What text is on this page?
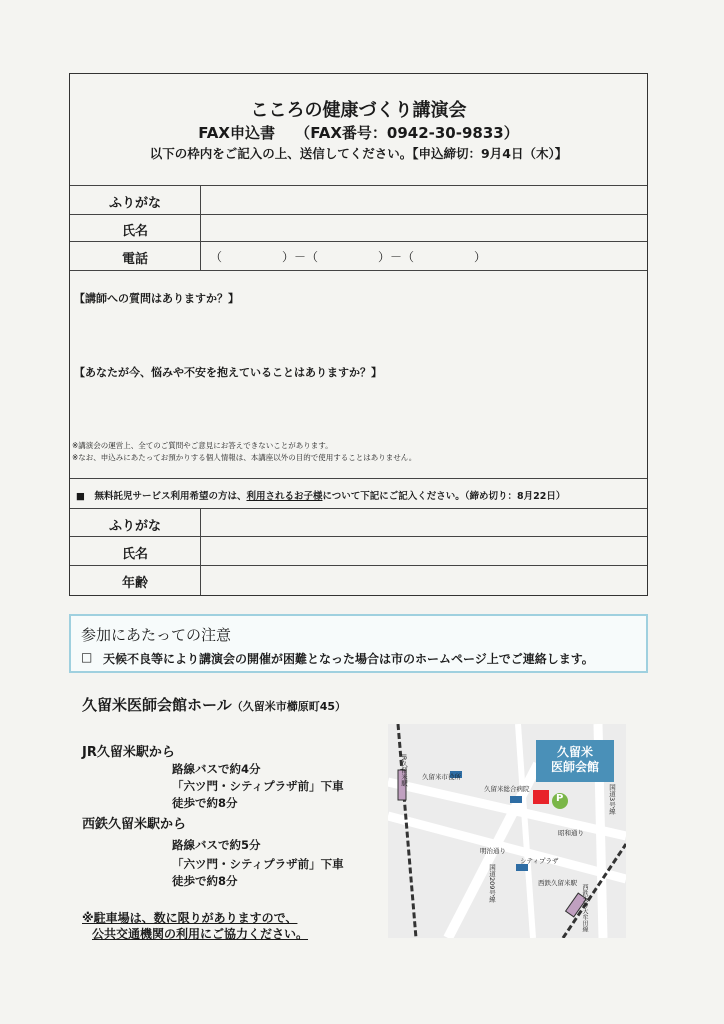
こころの健康づくり講演会
FAX申込書　 （FAX番号：0942-30-9833）
以下の枠内をご記入の上、送信してください。【申込締切：9月4日（木）】
ふりがな
氏名
電話	（　　　　　）－（　　　　　）－（　　　　　）
【講師への質問はありますか？】
【あなたが今、悩みや不安を抱えていることはありますか？】
※講演会の運営上、全てのご質問やご意見にお答えできないことがあります。
※なお、申込みにあたってお預かりする個人情報は、本講座以外の目的で使用することはありません。
■　無料託児サービス利用希望の方は、利用されるお子様について下記にご記入ください。（締め切り：8月22日）
ふりがな
氏名
年齢
参加にあたっての注意
□ 天候不良等により講演会の開催が困難となった場合は市のホームページ上でご連絡します。
久留米医師会館ホール（久留米市櫛原町45）
JR久留米駅から
路線バスで約4分
「六ツ門・シティプラザ前」下車
徒歩で約8分
西鉄久留米駅から
路線バスで約5分
「六ツ門・シティプラザ前」下車
徒歩で約8分
※駐車場は、数に限りがありますので、
公共交通機関の利用にご協力ください。
久留米
医師会館
P
JR久留米駅 久留米市役所
久留米総合病院
明治通り
昭和通り
シティプラザ
国道209号線
国道3号線
西鉄久留米駅
西鉄天神大牟田線
